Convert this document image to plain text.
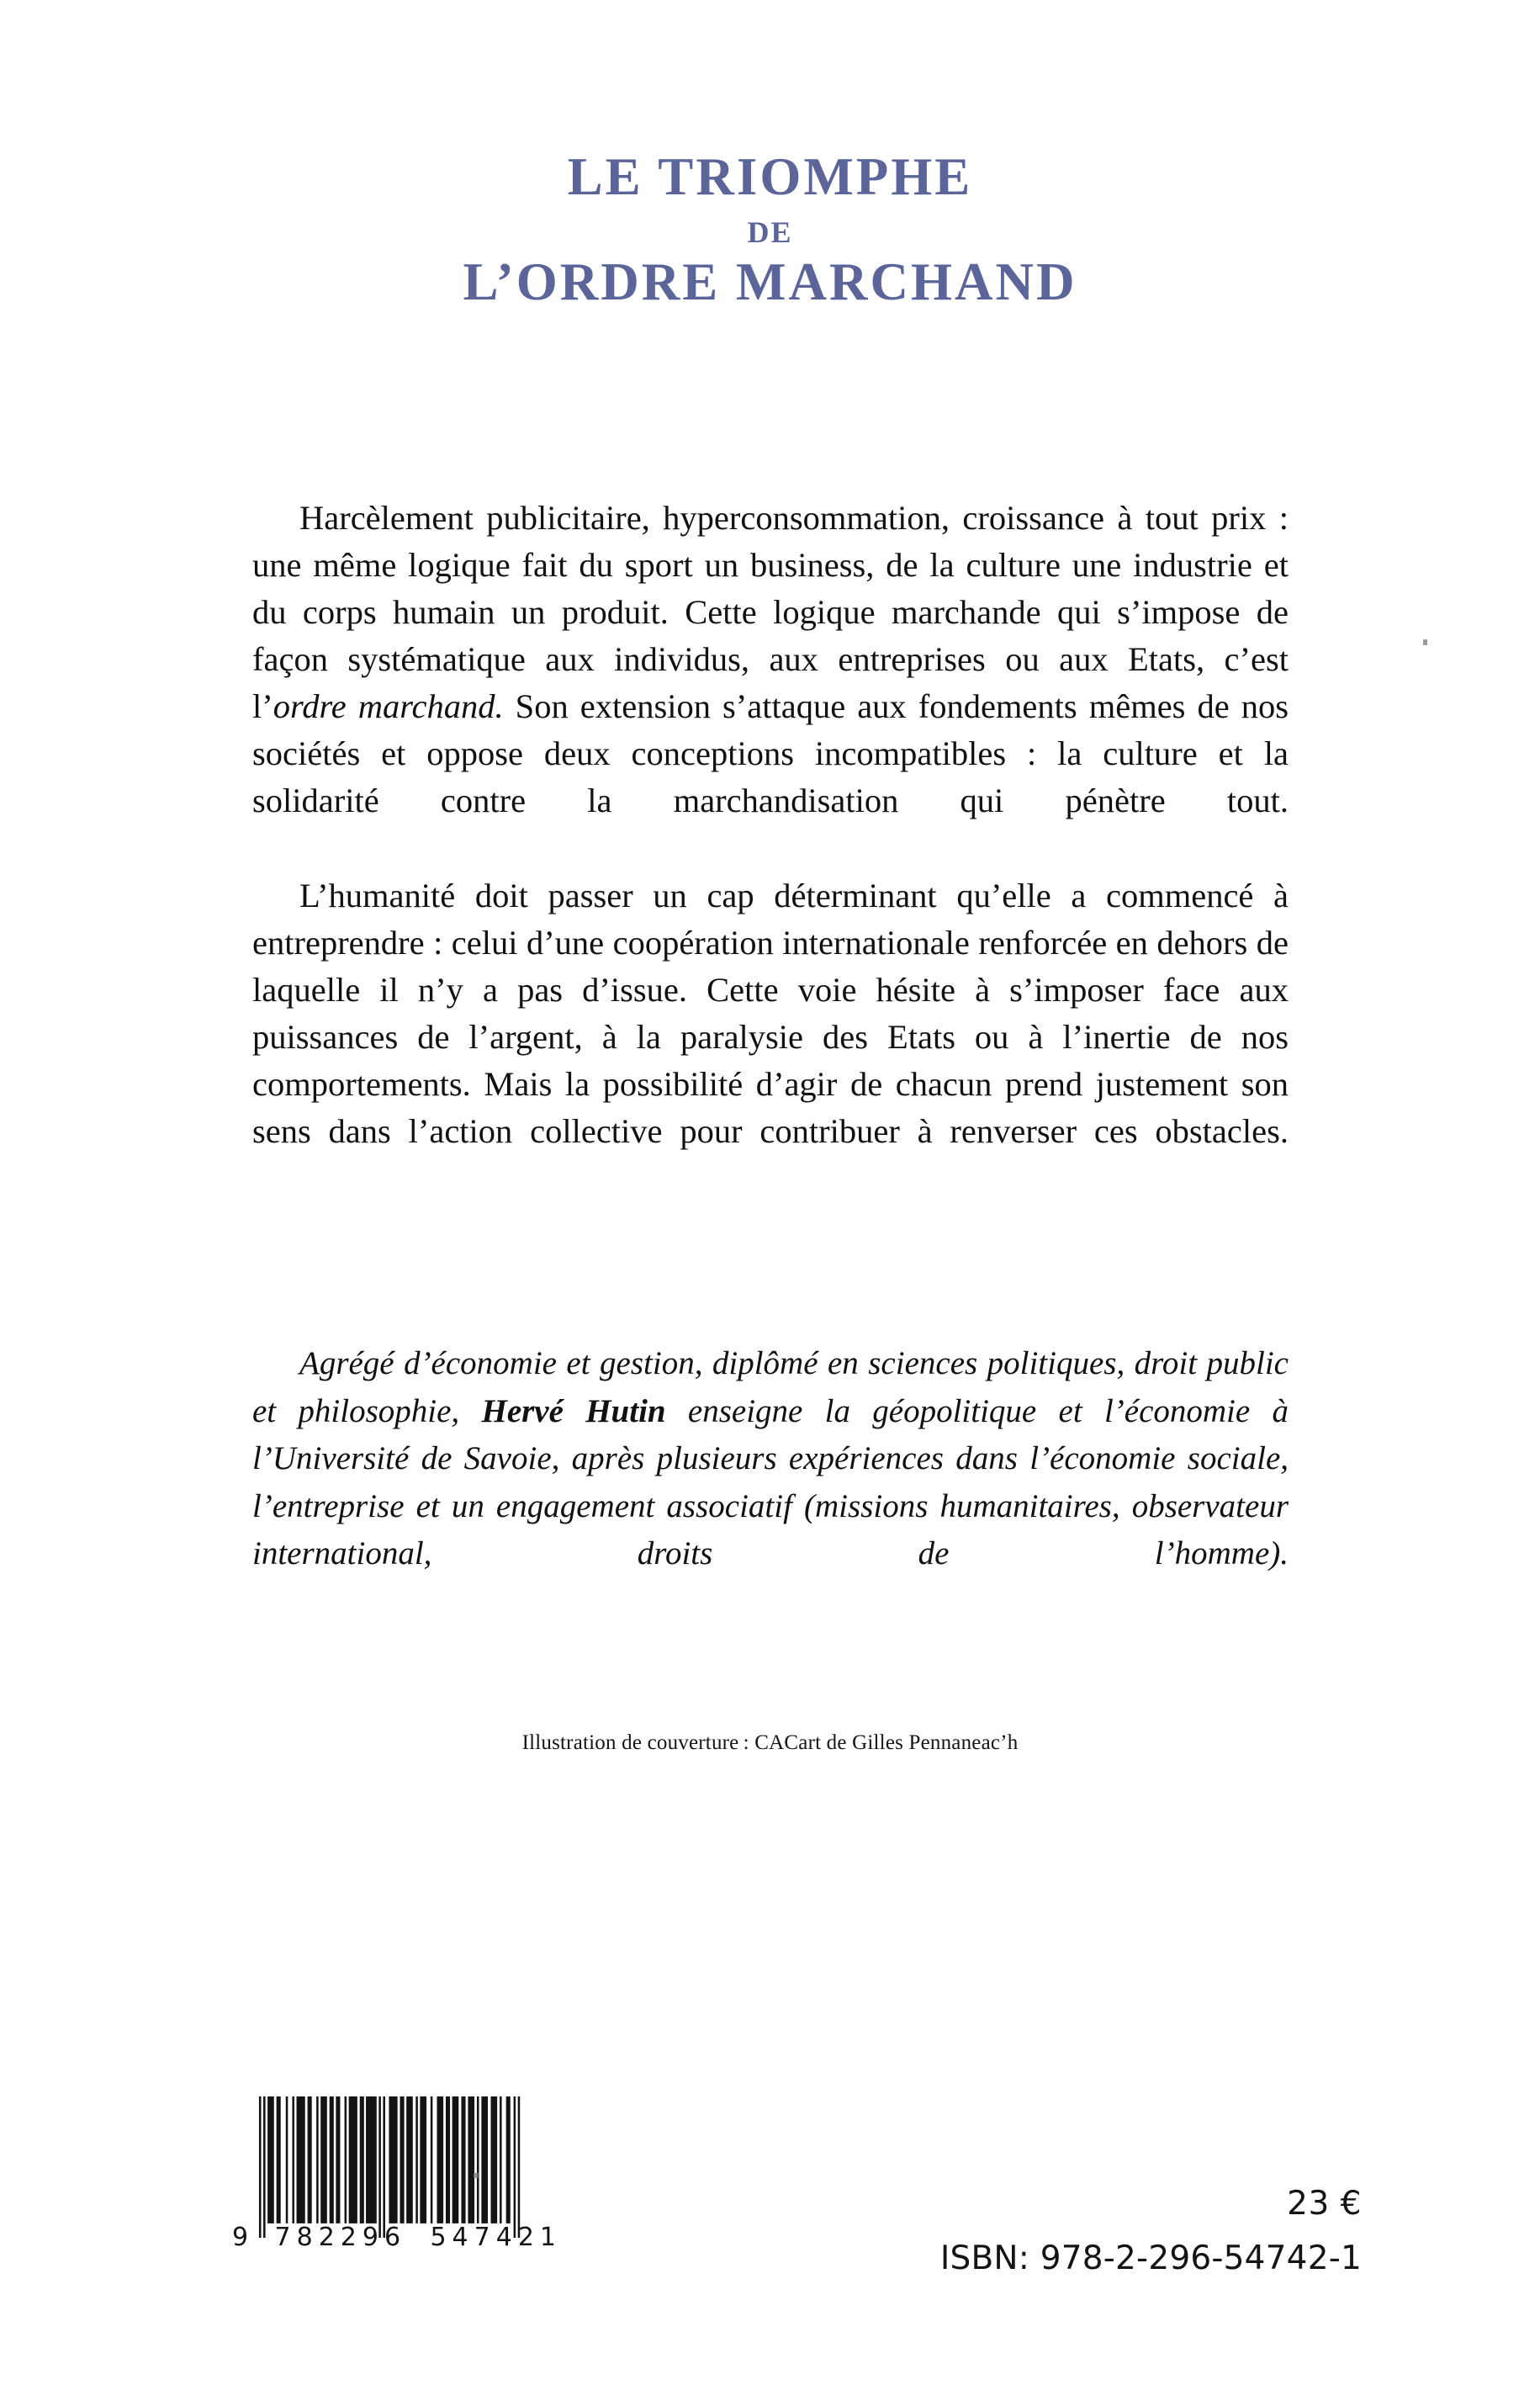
LE TRIOMPHE
DE
L’ORDRE MARCHAND

Harcèlement publicitaire, hyperconsommation, croissance à tout prix : une même logique fait du sport un business, de la culture une industrie et du corps humain un produit. Cette logique marchande qui s’impose de façon systématique aux individus, aux entreprises ou aux Etats, c’est l’ordre marchand. Son extension s’attaque aux fondements mêmes de nos sociétés et oppose deux conceptions incompatibles : la culture et la solidarité contre la marchandisation qui pénètre tout.

L’humanité doit passer un cap déterminant qu’elle a commencé à entreprendre : celui d’une coopération internationale renforcée en dehors de laquelle il n’y a pas d’issue. Cette voie hésite à s’imposer face aux puissances de l’argent, à la paralysie des Etats ou à l’inertie de nos comportements. Mais la possibilité d’agir de chacun prend justement son sens dans l’action collective pour contribuer à renverser ces obstacles.

Agrégé d’économie et gestion, diplômé en sciences politiques, droit public et philosophie, Hervé Hutin enseigne la géopolitique et l’économie à l’Université de Savoie, après plusieurs expériences dans l’économie sociale, l’entreprise et un engagement associatif (missions humanitaires, observateur international, droits de l’homme).

Illustration de couverture : CACart de Gilles Pennaneac’h
9 782296 547421
23 €
ISBN: 978-2-296-54742-1
